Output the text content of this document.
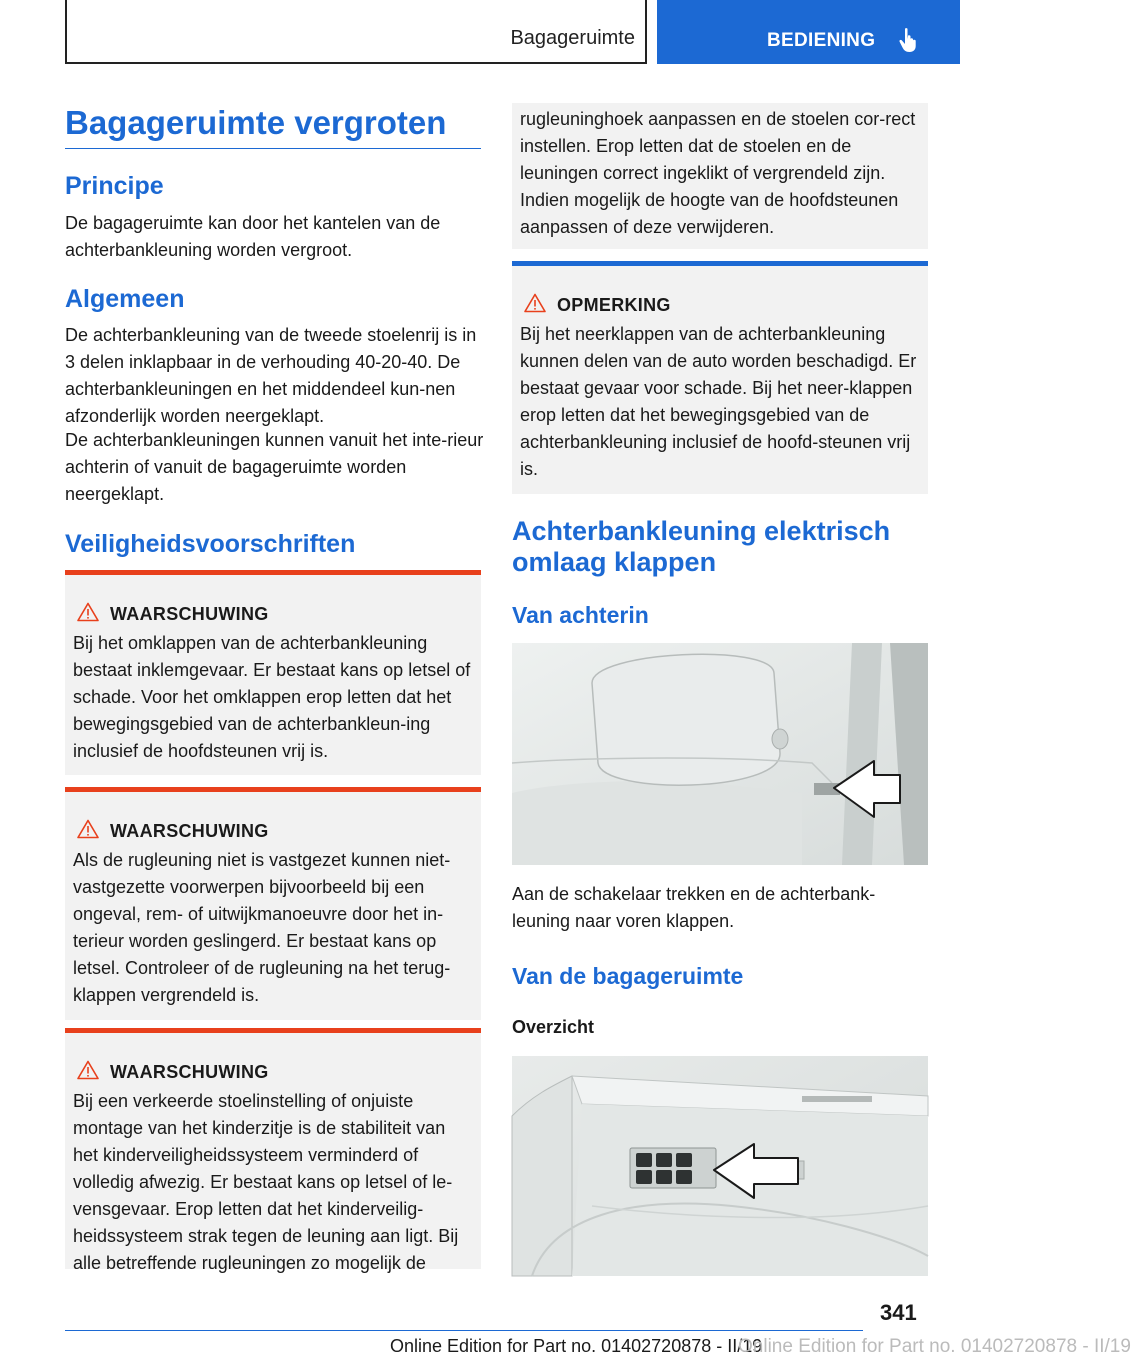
Bagageruimte	BEDIENING
Bagageruimte vergroten
Principe

De bagageruimte kan door het kantelen van de achterbankleuning worden vergroot.

Algemeen

De achterbankleuning van de tweede stoelenrij is in 3 delen inklapbaar in de verhouding 40-20-40. De achterbankleuningen en het middendeel kun-nen afzonderlijk worden neergeklapt.

De achterbankleuningen kunnen vanuit het inte-rieur achterin of vanuit de bagageruimte worden neergeklapt.

Veiligheidsvoorschriften
WAARSCHUWING

Bij het omklappen van de achterbankleuning bestaat inklemgevaar. Er bestaat kans op letsel of schade. Voor het omklappen erop letten dat het bewegingsgebied van de achterbankleun-ing inclusief de hoofdsteunen vrij is.

WAARSCHUWING

Als de rugleuning niet is vastgezet kunnen niet-vastgezette voorwerpen bijvoorbeeld bij een ongeval, rem- of uitwijkmanoeuvre door het in-terieur worden geslingerd. Er bestaat kans op letsel. Controleer of de rugleuning na het terug-klappen vergrendeld is.

WAARSCHUWING

Bij een verkeerde stoelinstelling of onjuiste montage van het kinderzitje is de stabiliteit van het kinderveiligheidssysteem verminderd of volledig afwezig. Er bestaat kans op letsel of le-vensgevaar. Erop letten dat het kinderveilig-heidssysteem strak tegen de leuning aan ligt. Bij alle betreffende rugleuningen zo mogelijk de

rugleuninghoek aanpassen en de stoelen cor-rect instellen. Erop letten dat de stoelen en de leuningen correct ingeklikt of vergrendeld zijn. Indien mogelijk de hoogte van de hoofdsteunen aanpassen of deze verwijderen.

OPMERKING

Bij het neerklappen van de achterbankleuning kunnen delen van de auto worden beschadigd. Er bestaat gevaar voor schade. Bij het neer-klappen erop letten dat het bewegingsgebied van de achterbankleuning inclusief de hoofd-steunen vrij is.

Achterbankleuning elektrisch omlaag klappen
Van achterin

Aan de schakelaar trekken en de achterbank-leuning naar voren klappen.

Van de bagageruimte
Overzicht
341
Online Edition for Part no. 01402720878 - II/19
Online Edition for Part no. 01402720878 - II/19
